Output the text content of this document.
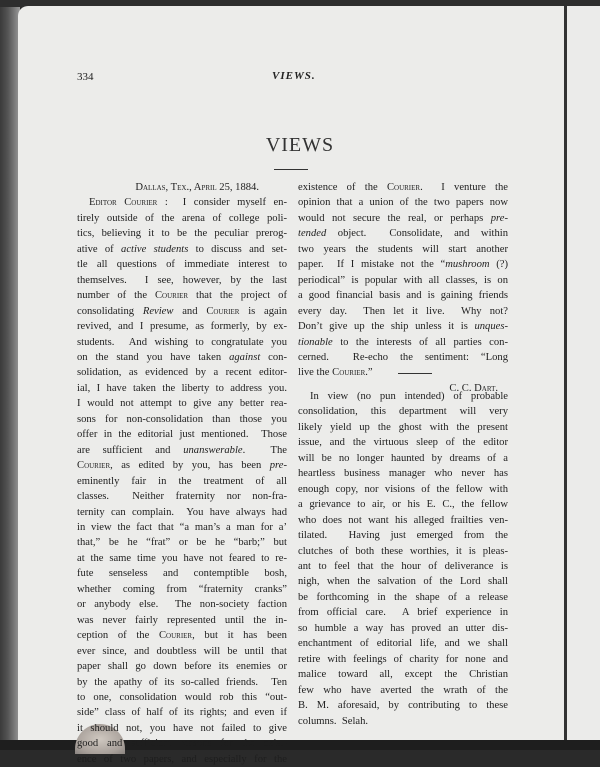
334	VIEWS.
VIEWS
Dallas, Tex., April 25, 1884.
Editor Courier :  I consider myself en-
tirely outside of the arena of college poli-
tics, believing it to be the peculiar prerog-
ative of active students to discuss and set-
tle all questions of immediate interest to
themselves.  I see, however, by the last
number of the Courier that the project of
consolidating Review and Courier is again
revived, and I presume, as formerly, by ex-
students.  And wishing to congratulate you
on the stand you have taken against con-
solidation, as evidenced by a recent editor-
ial, I have taken the liberty to address you.
I would not attempt to give any better rea-
sons for non-consolidation than those you
offer in the editorial just mentioned.  Those
are sufficient and unanswerable.  The
Courier, as edited by you, has been pre-
eminently fair in the treatment of all
classes.  Neither fraternity nor non-fra-
ternity can complain.  You have always had
in view the fact that “a man’s a man for a’
that,” be he “frat” or be he “barb;” but
at the same time you have not feared to re-
fute senseless and contemptible bosh,
whether coming from “fraternity cranks”
or anybody else.  The non-society faction
was never fairly represented until the in-
ception of the Courier, but it has been
ever since, and doubtless will be until that
paper shall go down before its enemies or
by the apathy of its so-called friends.  Ten
to one, consolidation would rob this “out-
side” class of half of its rights; and even if
it should not, you have not failed to give
good and sufficient reasons for the exist-
ence of two papers, and especially for the
existence of the Courier.  I venture the
opinion that a union of the two papers now
would not secure the real, or perhaps pre-
tended object.  Consolidate, and within
two years the students will start another
paper.  If I mistake not the “mushroom (?)
periodical” is popular with all classes, is on
a good financial basis and is gaining friends
every day.  Then let it live.  Why not?
Don’t give up the ship unless it is unques-
tionable to the interests of all parties con-
cerned.  Re-echo the sentiment: “Long
live the Courier.”
C. C. Dart.
In view (no pun intended) of probable
consolidation, this department will very
likely yield up the ghost with the present
issue, and the virtuous sleep of the editor
will be no longer haunted by dreams of a
heartless business manager who never has
enough copy, nor visions of the fellow with
a grievance to air, or his E. C., the fellow
who does not want his alleged frailties ven-
tilated.  Having just emerged from the
clutches of both these worthies, it is pleas-
ant to feel that the hour of deliverance is
nigh, when the salvation of the Lord shall
be forthcoming in the shape of a release
from official care.  A brief experience in
so humble a way has proved an utter dis-
enchantment of editorial life, and we shall
retire with feelings of charity for none and
malice toward all, except the Christian
few who have averted the wrath of the
B. M. aforesaid, by contributing to these
columns.  Selah.
